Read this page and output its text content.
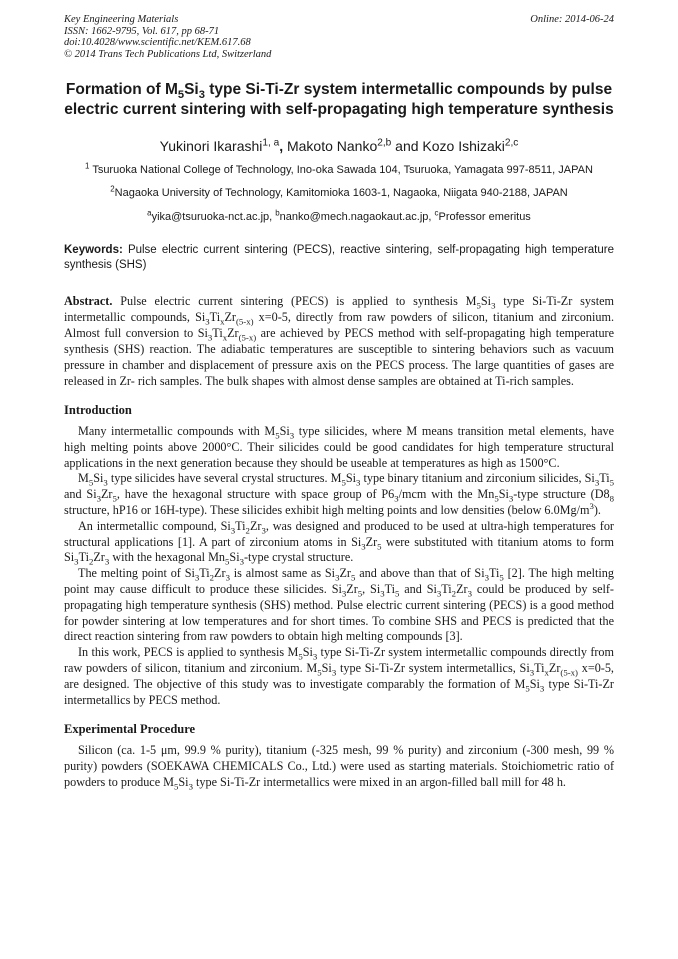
Key Engineering Materials
ISSN: 1662-9795, Vol. 617, pp 68-71
doi:10.4028/www.scientific.net/KEM.617.68
© 2014 Trans Tech Publications Ltd, Switzerland
Online: 2014-06-24
Formation of $M_5Si_3$ type Si-Ti-Zr system intermetallic compounds by pulse electric current sintering with self-propagating high temperature synthesis
Yukinori Ikarashi$^{1, a}$, Makoto Nanko$^{2,b}$ and Kozo Ishizaki$^{2,c}$
$^1$ Tsuruoka National College of Technology, Ino-oka Sawada 104, Tsuruoka, Yamagata 997-8511, JAPAN
$^2$Nagaoka University of Technology, Kamitomioka 1603-1, Nagaoka, Niigata 940-2188, JAPAN
$^a$yika@tsuruoka-nct.ac.jp, $^b$nanko@mech.nagaokaut.ac.jp, $^c$Professor emeritus
Keywords: Pulse electric current sintering (PECS), reactive sintering, self-propagating high temperature synthesis (SHS)
Abstract. Pulse electric current sintering (PECS) is applied to synthesis $M_5Si_3$ type Si-Ti-Zr system intermetallic compounds, $Si_3Ti_xZr_{(5-x)}$ x=0-5, directly from raw powders of silicon, titanium and zirconium. Almost full conversion to $Si_3Ti_xZr_{(5-x)}$ are achieved by PECS method with self-propagating high temperature synthesis (SHS) reaction. The adiabatic temperatures are susceptible to sintering behaviors such as vacuum pressure in chamber and displacement of pressure axis on the PECS process. The large quantities of gases are released in Zr- rich samples. The bulk shapes with almost dense samples are obtained at Ti-rich samples.
Introduction

Many intermetallic compounds with $M_5Si_3$ type silicides, where M means transition metal elements, have high melting points above 2000°C. Their silicides could be good candidates for high temperature structural applications in the next generation because they should be useable at temperatures as high as 1500°C.

$M_5Si_3$ type silicides have several crystal structures. $M_5Si_3$ type binary titanium and zirconium silicides, $Si_3Ti_5$ and $Si_3Zr_5$, have the hexagonal structure with space group of $P6_3$/mcm with the $Mn_5Si_3$-type structure ($D8_8$ structure, hP16 or 16H-type). These silicides exhibit high melting points and low densities (below $6.0Mg/m^3$).

An intermetallic compound, $Si_3Ti_2Zr_3$, was designed and produced to be used at ultra-high temperatures for structural applications [1]. A part of zirconium atoms in $Si_3Zr_5$ were substituted with titanium atoms to form $Si_3Ti_2Zr_3$ with the hexagonal $Mn_5Si_3$-type crystal structure.

The melting point of $Si_3Ti_2Zr_3$ is almost same as $Si_3Zr_5$ and above than that of $Si_3Ti_5$ [2]. The high melting point may cause difficult to produce these silicides. $Si_3Zr_5$, $Si_3Ti_5$ and $Si_3Ti_2Zr_3$ could be produced by self-propagating high temperature synthesis (SHS) method. Pulse electric current sintering (PECS) is a good method for powder sintering at low temperatures and for short times. To combine SHS and PECS is predicted that the direct reaction sintering from raw powders to obtain high melting compounds [3].

In this work, PECS is applied to synthesis $M_5Si_3$ type Si-Ti-Zr system intermetallic compounds directly from raw powders of silicon, titanium and zirconium. $M_5Si_3$ type Si-Ti-Zr system intermetallics, $Si_3Ti_xZr_{(5-x)}$ x=0-5, are designed. The objective of this study was to investigate comparably the formation of $M_5Si_3$ type Si-Ti-Zr intermetallics by PECS method.

Experimental Procedure

Silicon (ca. 1-5 μm, 99.9 % purity), titanium (-325 mesh, 99 % purity) and zirconium (-300 mesh, 99 % purity) powders (SOEKAWA CHEMICALS Co., Ltd.) were used as starting materials. Stoichiometric ratio of powders to produce $M_5Si_3$ type Si-Ti-Zr intermetallics were mixed in an argon-filled ball mill for 48 h.
